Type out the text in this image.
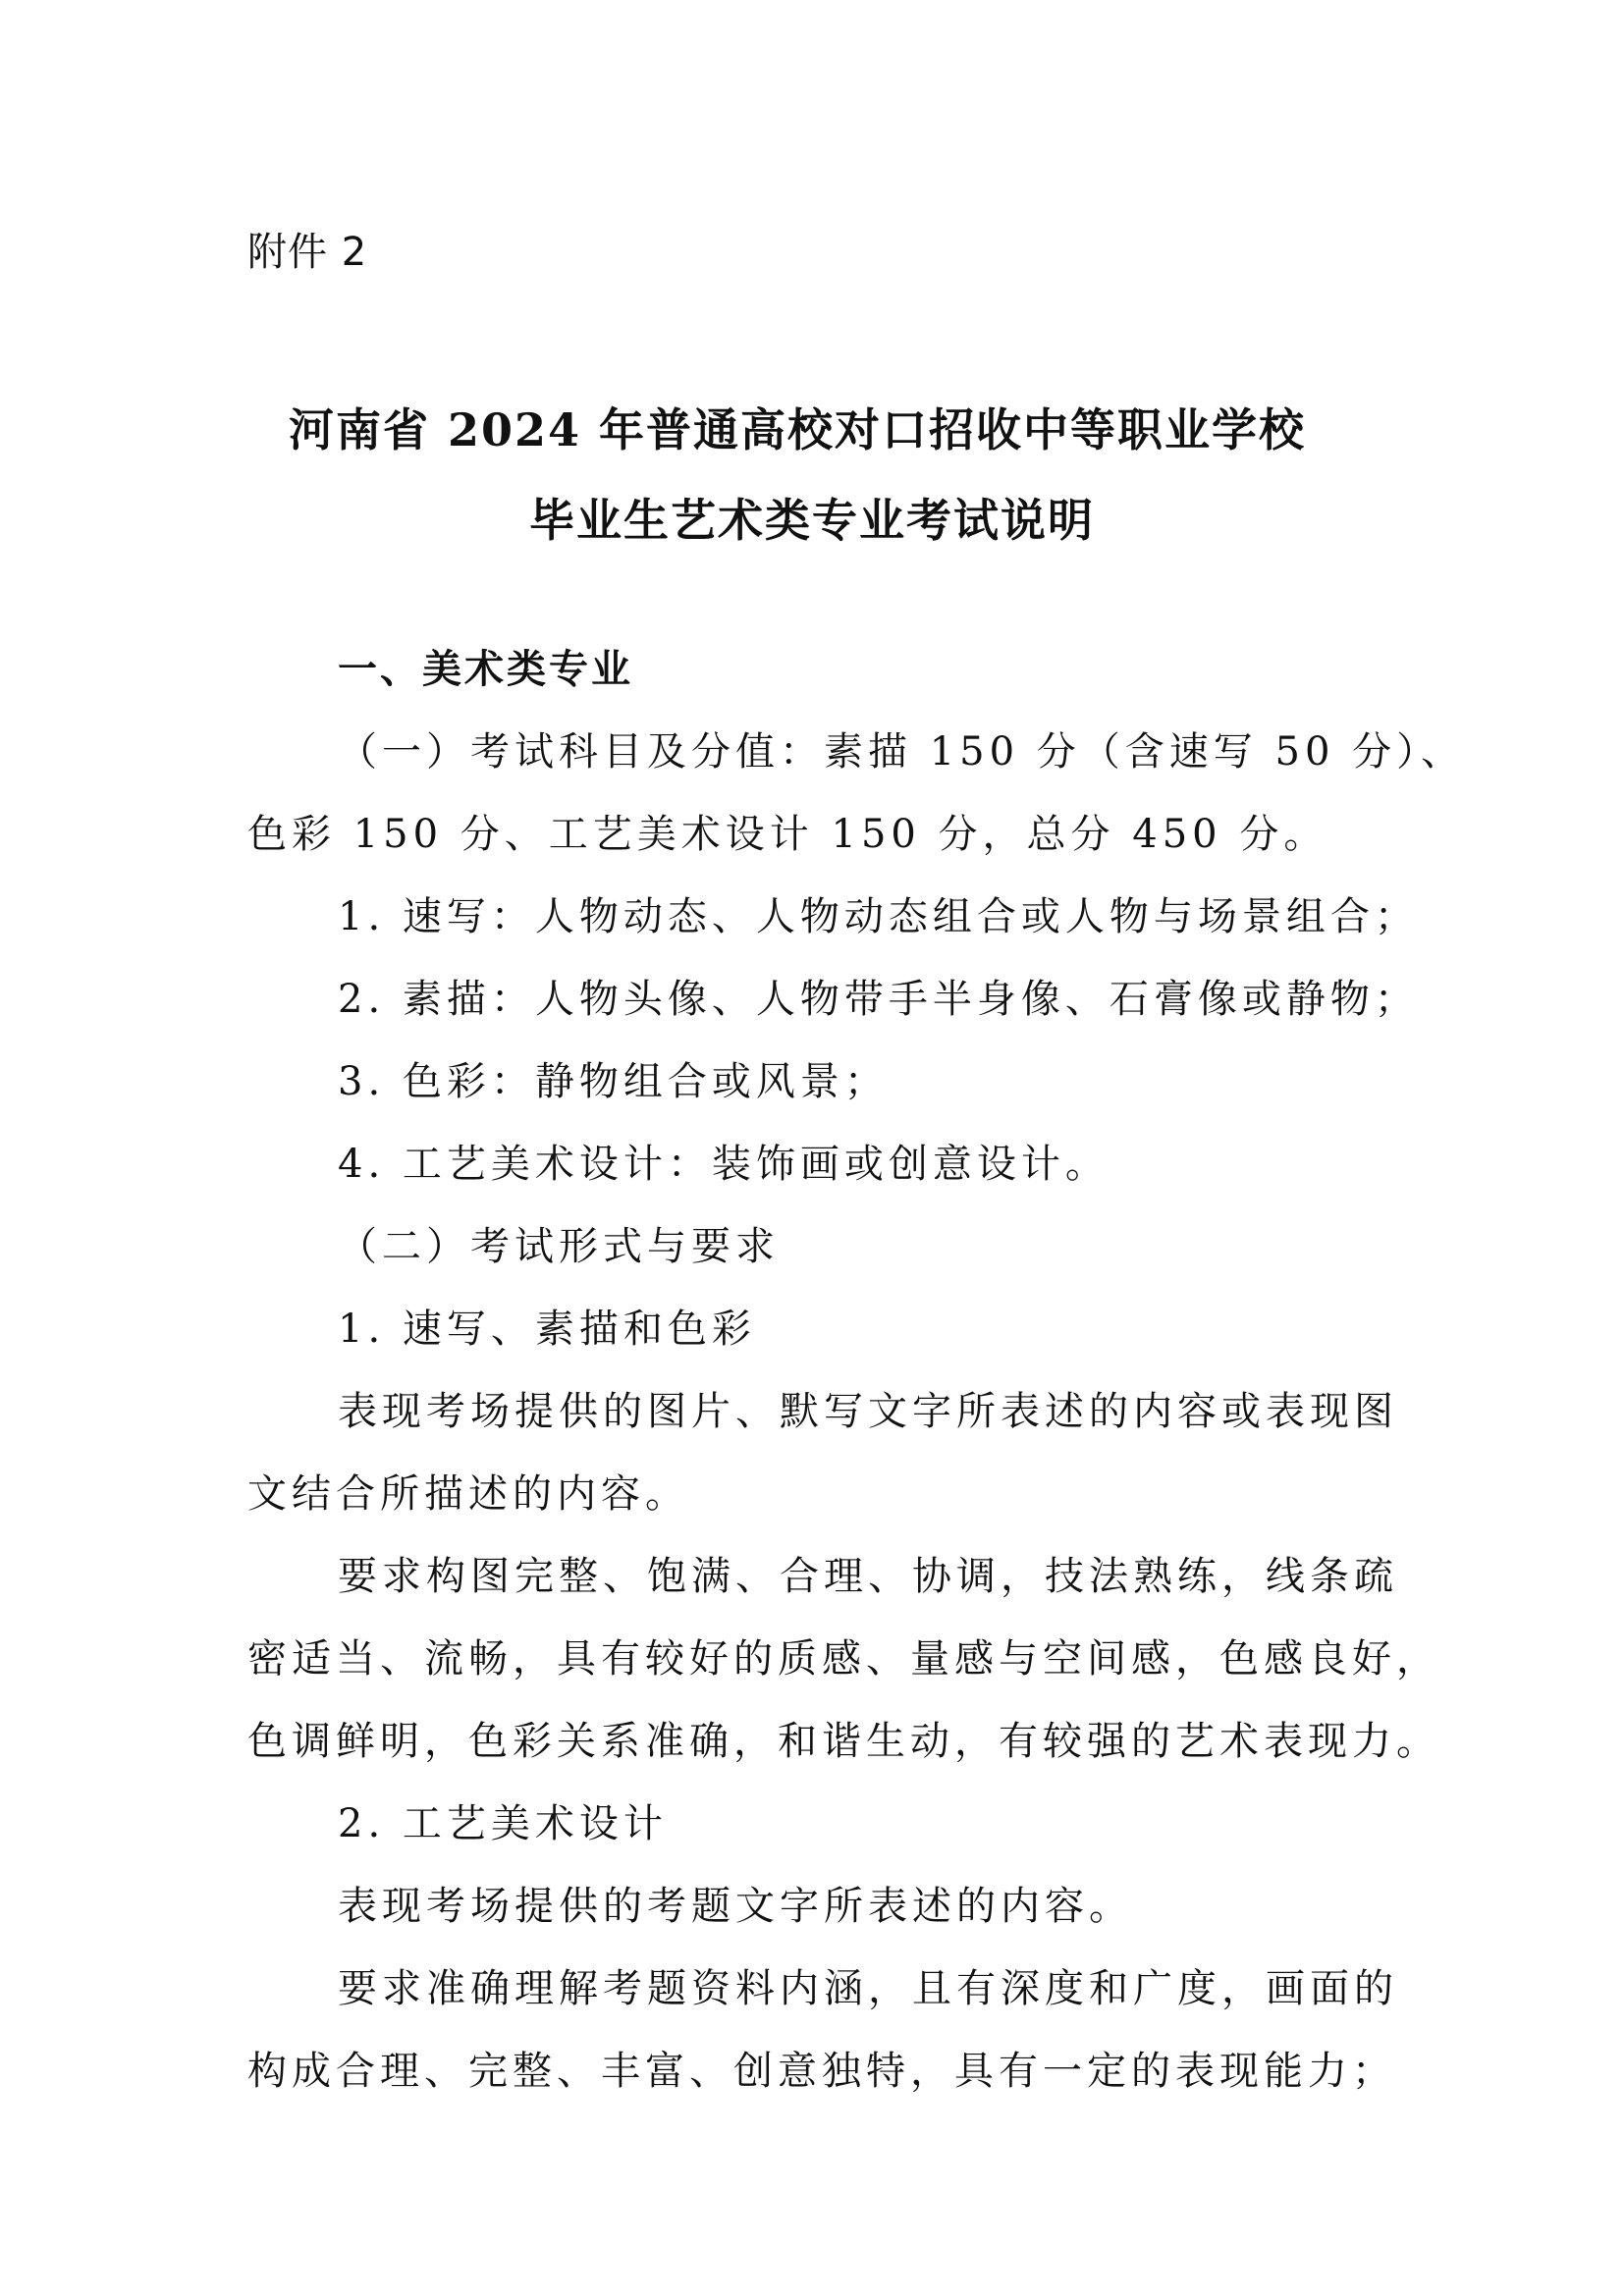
附件 2
河南省 2024 年普通高校对口招收中等职业学校
毕业生艺术类专业考试说明
一、美术类专业
（一）考试科目及分值：素描 150 分（含速写 50 分）、
色彩 150 分、工艺美术设计 150 分，总分 450 分。
1. 速写：人物动态、人物动态组合或人物与场景组合；
2. 素描：人物头像、人物带手半身像、石膏像或静物；
3. 色彩：静物组合或风景；
4. 工艺美术设计：装饰画或创意设计。
（二）考试形式与要求
1. 速写、素描和色彩
表现考场提供的图片、默写文字所表述的内容或表现图
文结合所描述的内容。
要求构图完整、饱满、合理、协调，技法熟练，线条疏
密适当、流畅，具有较好的质感、量感与空间感，色感良好，
色调鲜明，色彩关系准确，和谐生动，有较强的艺术表现力。
2. 工艺美术设计
表现考场提供的考题文字所表述的内容。
要求准确理解考题资料内涵，且有深度和广度，画面的
构成合理、完整、丰富、创意独特，具有一定的表现能力；
